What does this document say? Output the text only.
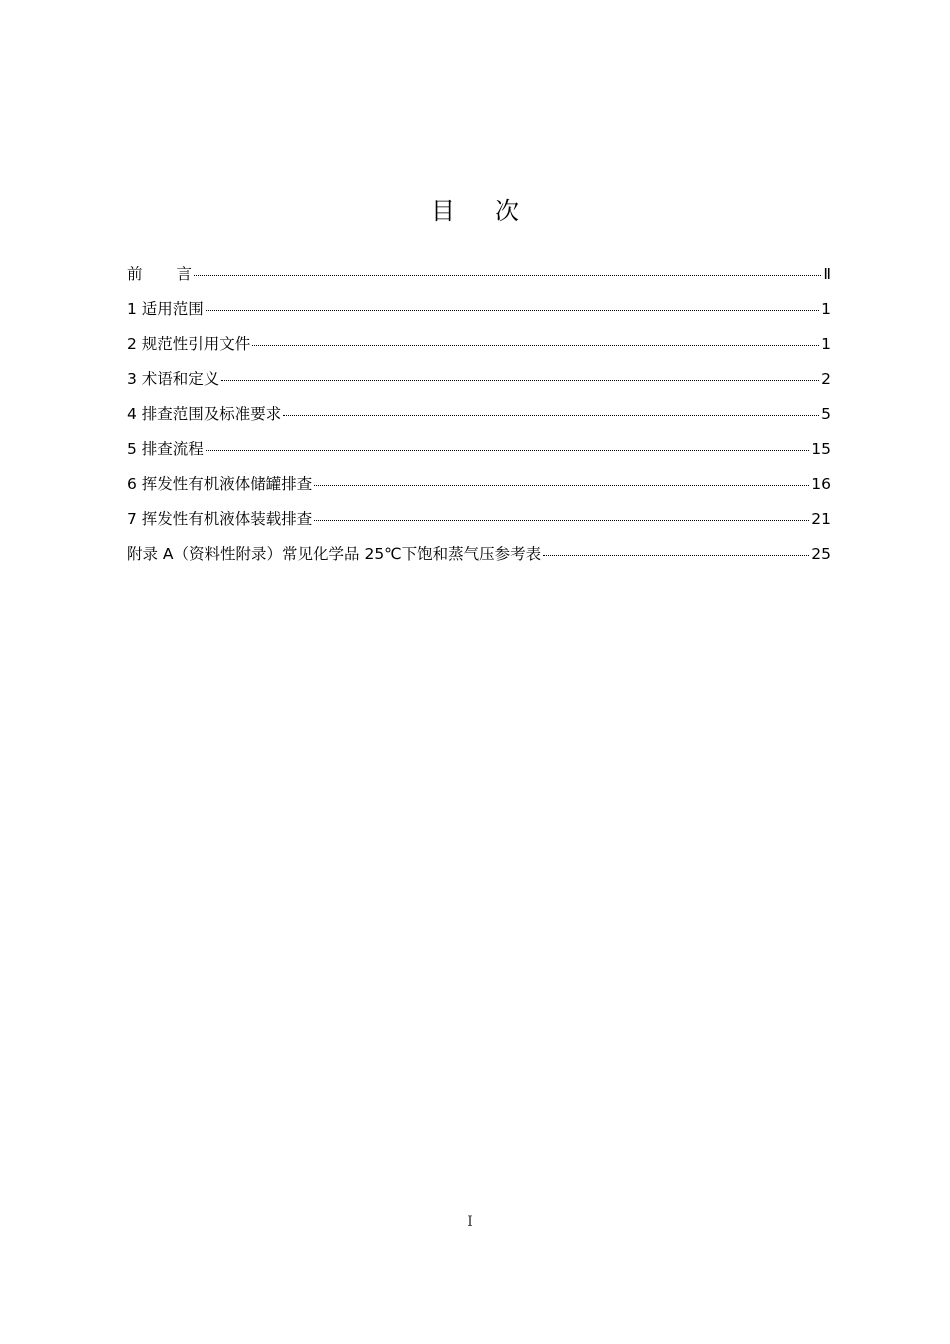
目 次
前 言	Ⅱ
1 适用范围	1
2 规范性引用文件	1
3 术语和定义	2
4 排查范围及标准要求	5
5 排查流程	15
6 挥发性有机液体储罐排查	16
7 挥发性有机液体装载排查	21
附录 A（资料性附录）常见化学品 25℃下饱和蒸气压参考表	25
I
